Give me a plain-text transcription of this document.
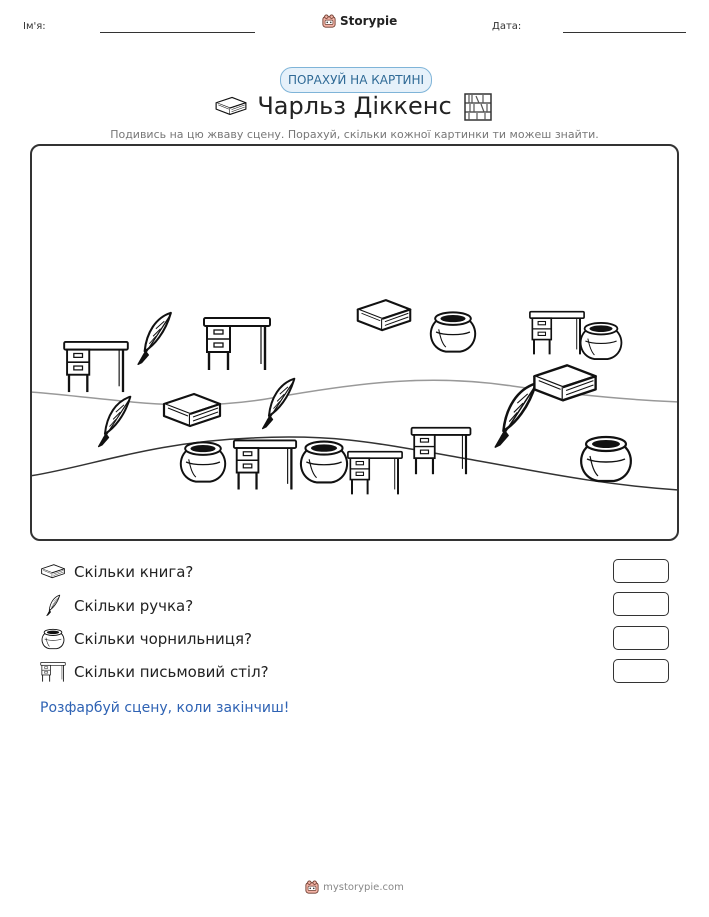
Ім'я:	Storypie	Дата:
ПОРАХУЙ НА КАРТИНІ
Чарльз Діккенс
Подивись на цю жваву сцену. Порахуй, скільки кожної картинки ти можеш знайти.
Скільки книга?
Скільки ручка?
Скільки чорнильниця?
Скільки письмовий стіл?
Розфарбуй сцену, коли закінчиш!
mystorypie.com
